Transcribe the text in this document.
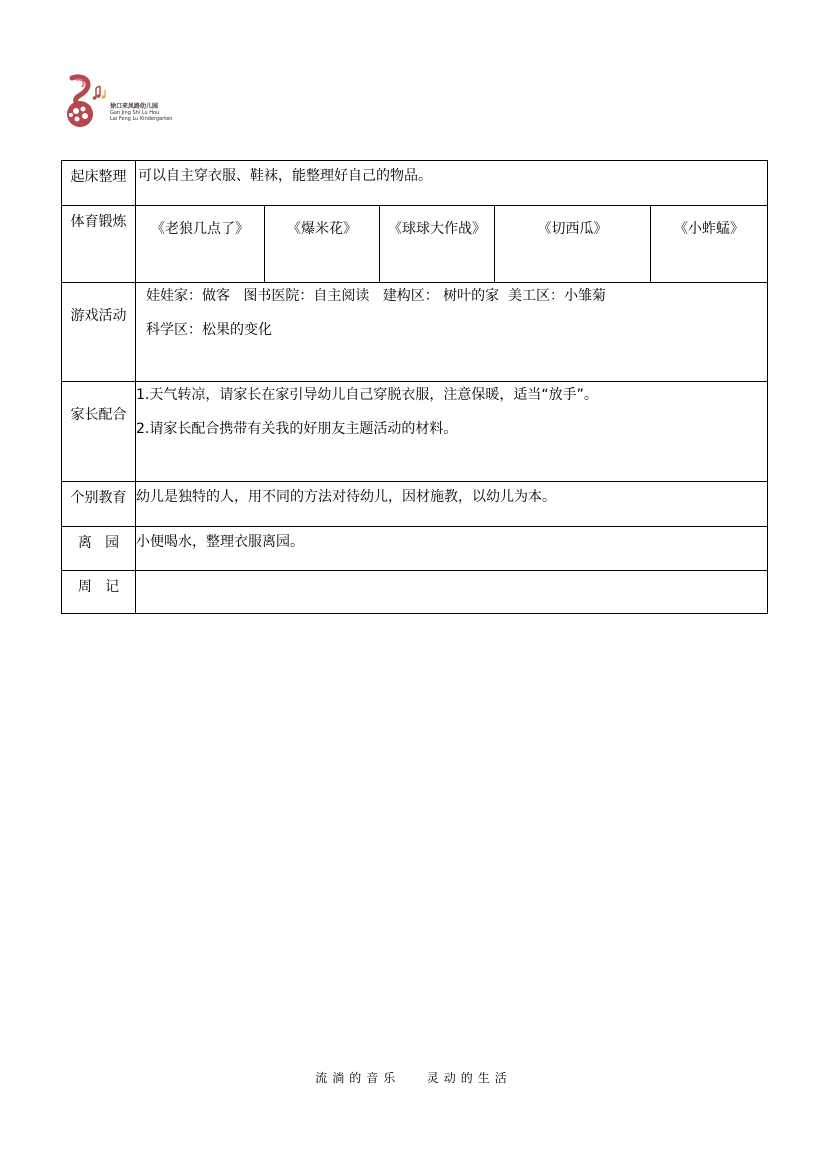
徐口来凤路幼儿园
Gan Jing Shi Lu Hou
Lai Feng Lu Kindergarten
起床整理	可以自主穿衣服、鞋袜，能整理好自己的物品。				
体育锻炼	《老狼几点了》	《爆米花》	《球球大作战》	《切西瓜》	《小蚱蜢》
游戏活动	娃娃家：做客   图书医院：自主阅读   建构区： 树叶的家  美工区：小雏菊

科学区：松果的变化				

家长配合	1.天气转凉，请家长在家引导幼儿自己穿脱衣服，注意保暖，适当“放手”。

2.请家长配合携带有关我的好朋友主题活动的材料。				

个别教育	幼儿是独特的人，用不同的方法对待幼儿，因材施教，以幼儿为本。				
离   园	小便喝水，整理衣服离园。				
周   记					
流淌的音乐   灵动的生活
